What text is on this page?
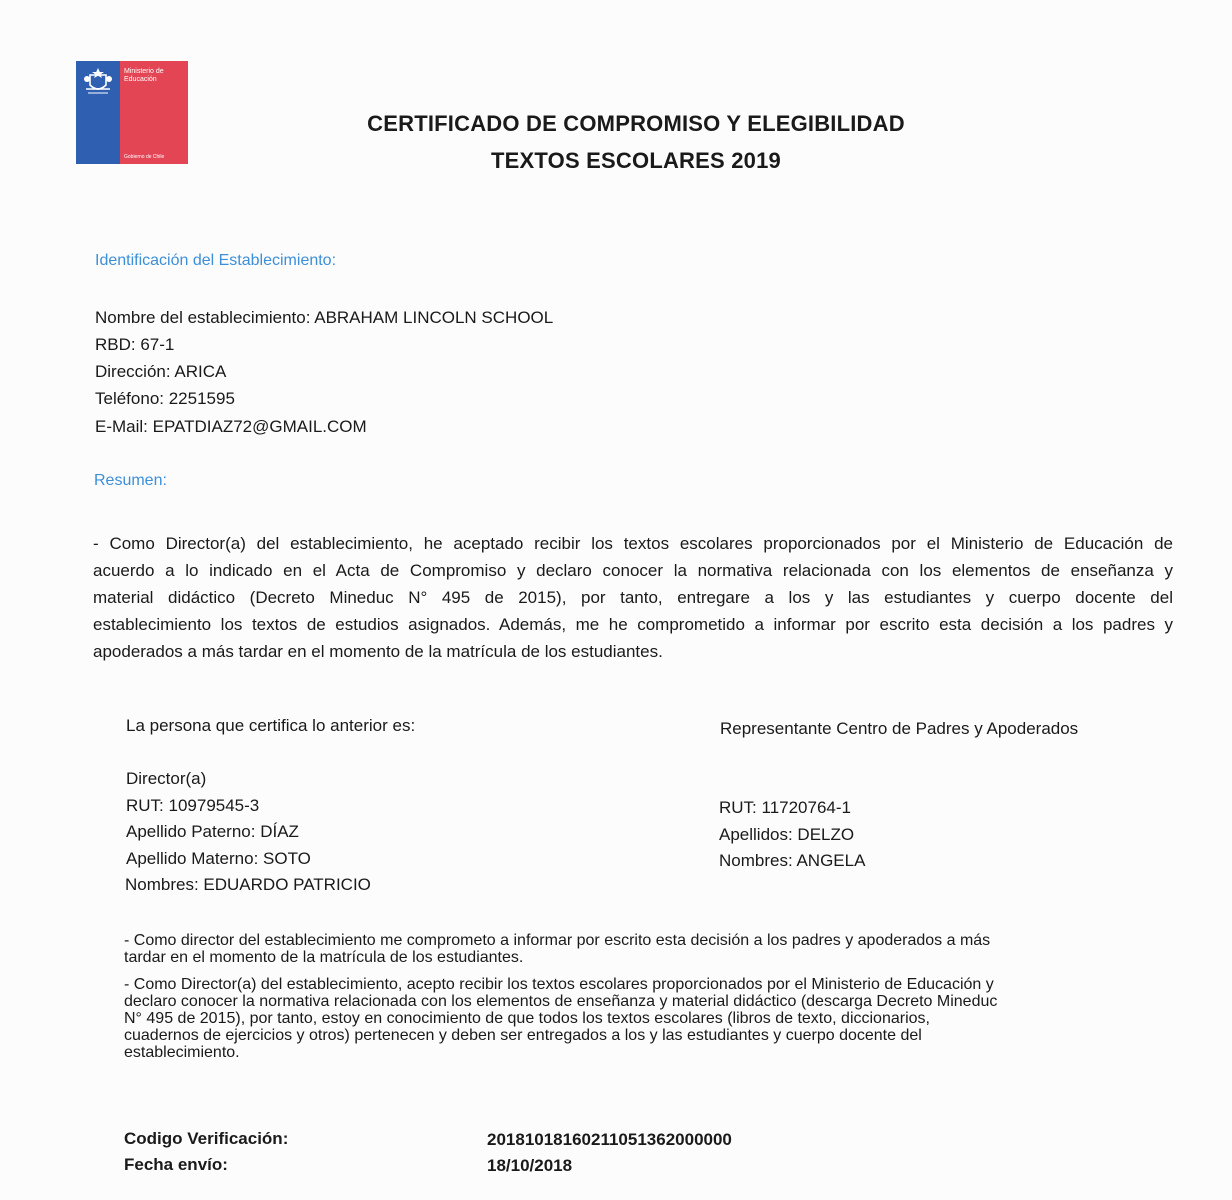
Ministerio de
Educación
Gobierno de Chile
CERTIFICADO DE COMPROMISO Y ELEGIBILIDAD
TEXTOS ESCOLARES 2019
Identificación del Establecimiento:
Nombre del establecimiento: ABRAHAM LINCOLN SCHOOL
RBD: 67-1
Dirección: ARICA
Teléfono: 2251595
E-Mail: EPATDIAZ72@GMAIL.COM
Resumen:
- Como Director(a) del establecimiento, he aceptado recibir los textos escolares proporcionados por el Ministerio de Educación de
acuerdo a lo indicado en el Acta de Compromiso y declaro conocer la normativa relacionada con los elementos de enseñanza y
material didáctico (Decreto Mineduc N° 495 de 2015), por tanto, entregare a los y las estudiantes y cuerpo docente del
establecimiento los textos de estudios asignados. Además, me he comprometido a informar por escrito esta decisión a los padres y
apoderados a más tardar en el momento de la matrícula de los estudiantes.
La persona que certifica lo anterior es:
Director(a)
RUT: 10979545-3
Apellido Paterno: DÍAZ
Apellido Materno: SOTO
Nombres: EDUARDO PATRICIO
Representante Centro de Padres y Apoderados
RUT: 11720764-1
Apellidos: DELZO
Nombres: ANGELA
- Como director del establecimiento me comprometo a informar por escrito esta decisión a los padres y apoderados a más
tardar en el momento de la matrícula de los estudiantes.
- Como Director(a) del establecimiento, acepto recibir los textos escolares proporcionados por el Ministerio de Educación y
declaro conocer la normativa relacionada con los elementos de enseñanza y material didáctico (descarga Decreto Mineduc
N° 495 de 2015), por tanto, estoy en conocimiento de que todos los textos escolares (libros de texto, diccionarios,
cuadernos de ejercicios y otros) pertenecen y deben ser entregados a los y las estudiantes y cuerpo docente del
establecimiento.
Codigo Verificación:	20181018160211051362000000
Fecha envío:	18/10/2018
